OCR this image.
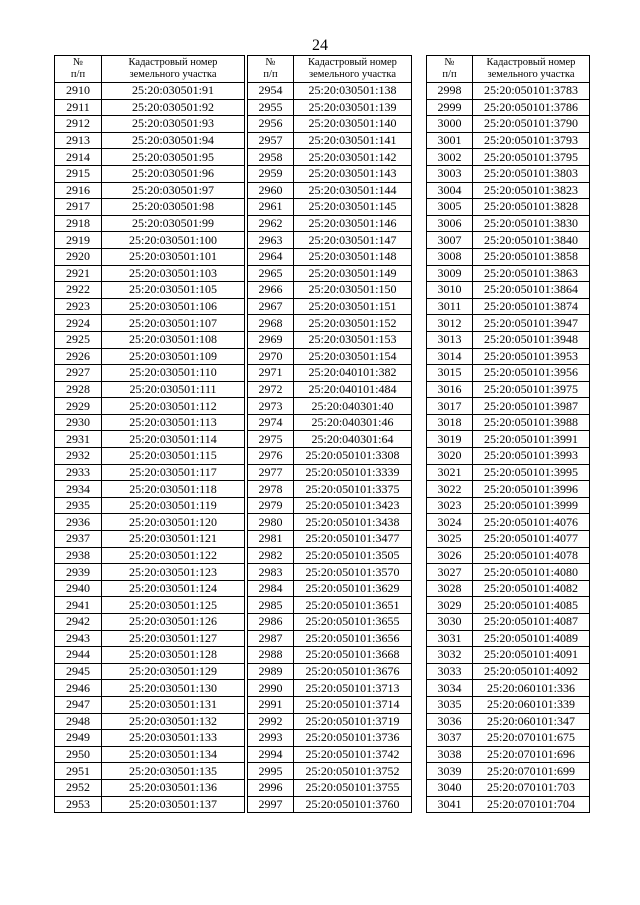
24
№
п/п	Кадастровый номер
земельного участка
2910	25:20:030501:91
2911	25:20:030501:92
2912	25:20:030501:93
2913	25:20:030501:94
2914	25:20:030501:95
2915	25:20:030501:96
2916	25:20:030501:97
2917	25:20:030501:98
2918	25:20:030501:99
2919	25:20:030501:100
2920	25:20:030501:101
2921	25:20:030501:103
2922	25:20:030501:105
2923	25:20:030501:106
2924	25:20:030501:107
2925	25:20:030501:108
2926	25:20:030501:109
2927	25:20:030501:110
2928	25:20:030501:111
2929	25:20:030501:112
2930	25:20:030501:113
2931	25:20:030501:114
2932	25:20:030501:115
2933	25:20:030501:117
2934	25:20:030501:118
2935	25:20:030501:119
2936	25:20:030501:120
2937	25:20:030501:121
2938	25:20:030501:122
2939	25:20:030501:123
2940	25:20:030501:124
2941	25:20:030501:125
2942	25:20:030501:126
2943	25:20:030501:127
2944	25:20:030501:128
2945	25:20:030501:129
2946	25:20:030501:130
2947	25:20:030501:131
2948	25:20:030501:132
2949	25:20:030501:133
2950	25:20:030501:134
2951	25:20:030501:135
2952	25:20:030501:136
2953	25:20:030501:137
№
п/п	Кадастровый номер
земельного участка
2954	25:20:030501:138
2955	25:20:030501:139
2956	25:20:030501:140
2957	25:20:030501:141
2958	25:20:030501:142
2959	25:20:030501:143
2960	25:20:030501:144
2961	25:20:030501:145
2962	25:20:030501:146
2963	25:20:030501:147
2964	25:20:030501:148
2965	25:20:030501:149
2966	25:20:030501:150
2967	25:20:030501:151
2968	25:20:030501:152
2969	25:20:030501:153
2970	25:20:030501:154
2971	25:20:040101:382
2972	25:20:040101:484
2973	25:20:040301:40
2974	25:20:040301:46
2975	25:20:040301:64
2976	25:20:050101:3308
2977	25:20:050101:3339
2978	25:20:050101:3375
2979	25:20:050101:3423
2980	25:20:050101:3438
2981	25:20:050101:3477
2982	25:20:050101:3505
2983	25:20:050101:3570
2984	25:20:050101:3629
2985	25:20:050101:3651
2986	25:20:050101:3655
2987	25:20:050101:3656
2988	25:20:050101:3668
2989	25:20:050101:3676
2990	25:20:050101:3713
2991	25:20:050101:3714
2992	25:20:050101:3719
2993	25:20:050101:3736
2994	25:20:050101:3742
2995	25:20:050101:3752
2996	25:20:050101:3755
2997	25:20:050101:3760
№
п/п	Кадастровый номер
земельного участка
2998	25:20:050101:3783
2999	25:20:050101:3786
3000	25:20:050101:3790
3001	25:20:050101:3793
3002	25:20:050101:3795
3003	25:20:050101:3803
3004	25:20:050101:3823
3005	25:20:050101:3828
3006	25:20:050101:3830
3007	25:20:050101:3840
3008	25:20:050101:3858
3009	25:20:050101:3863
3010	25:20:050101:3864
3011	25:20:050101:3874
3012	25:20:050101:3947
3013	25:20:050101:3948
3014	25:20:050101:3953
3015	25:20:050101:3956
3016	25:20:050101:3975
3017	25:20:050101:3987
3018	25:20:050101:3988
3019	25:20:050101:3991
3020	25:20:050101:3993
3021	25:20:050101:3995
3022	25:20:050101:3996
3023	25:20:050101:3999
3024	25:20:050101:4076
3025	25:20:050101:4077
3026	25:20:050101:4078
3027	25:20:050101:4080
3028	25:20:050101:4082
3029	25:20:050101:4085
3030	25:20:050101:4087
3031	25:20:050101:4089
3032	25:20:050101:4091
3033	25:20:050101:4092
3034	25:20:060101:336
3035	25:20:060101:339
3036	25:20:060101:347
3037	25:20:070101:675
3038	25:20:070101:696
3039	25:20:070101:699
3040	25:20:070101:703
3041	25:20:070101:704
